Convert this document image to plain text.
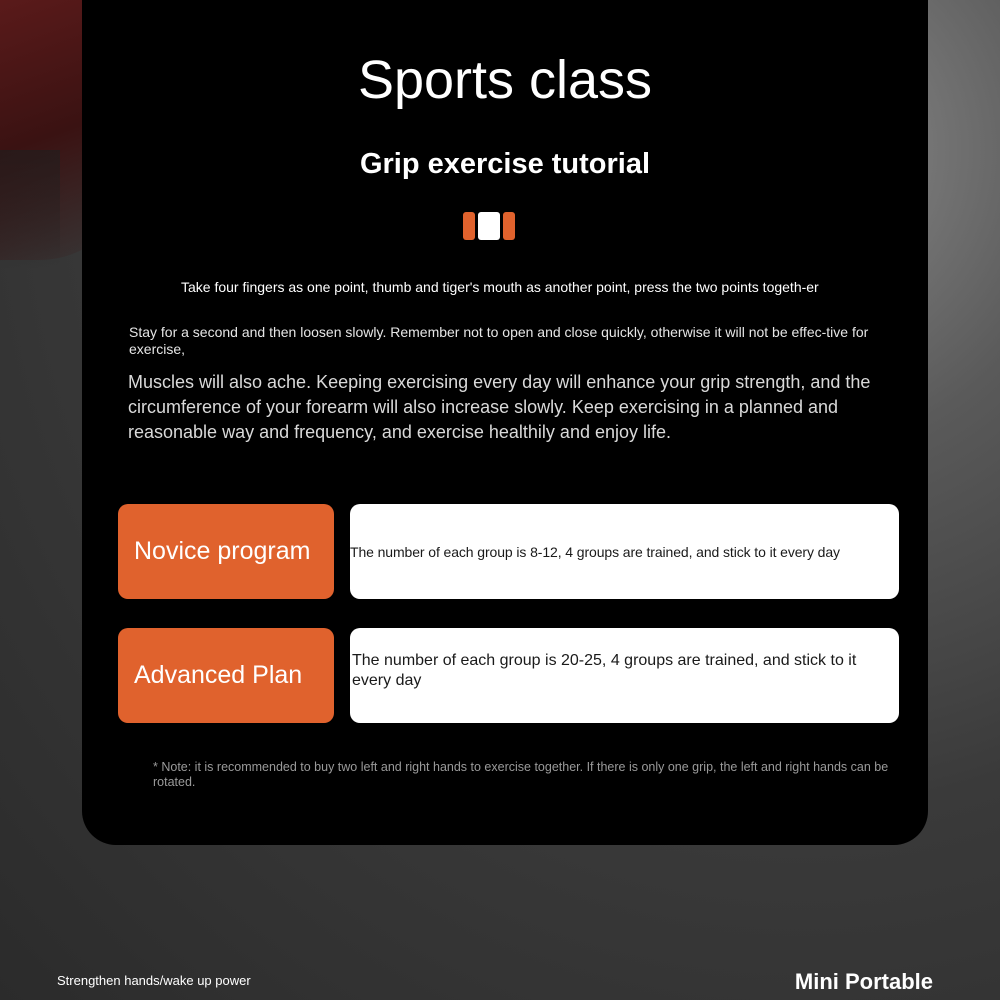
Sports class
Grip exercise tutorial

Take four fingers as one point, thumb and tiger's mouth as another point, press the two points togeth-er

Stay for a second and then loosen slowly. Remember not to open and close quickly, otherwise it will not be effec-tive for exercise,

Muscles will also ache. Keeping exercising every day will enhance your grip strength, and the circumference of your forearm will also increase slowly. Keep exercising in a planned and reasonable way and frequency, and exercise healthily and enjoy life.

Novice program	The number of each group is 8-12, 4 groups are trained, and stick to it every day
Advanced Plan
The number of each group is 20-25, 4 groups are trained, and stick to it every day

* Note: it is recommended to buy two left and right hands to exercise together. If there is only one grip, the left and right hands can be rotated.

Strengthen hands/wake up power	Mini Portable
